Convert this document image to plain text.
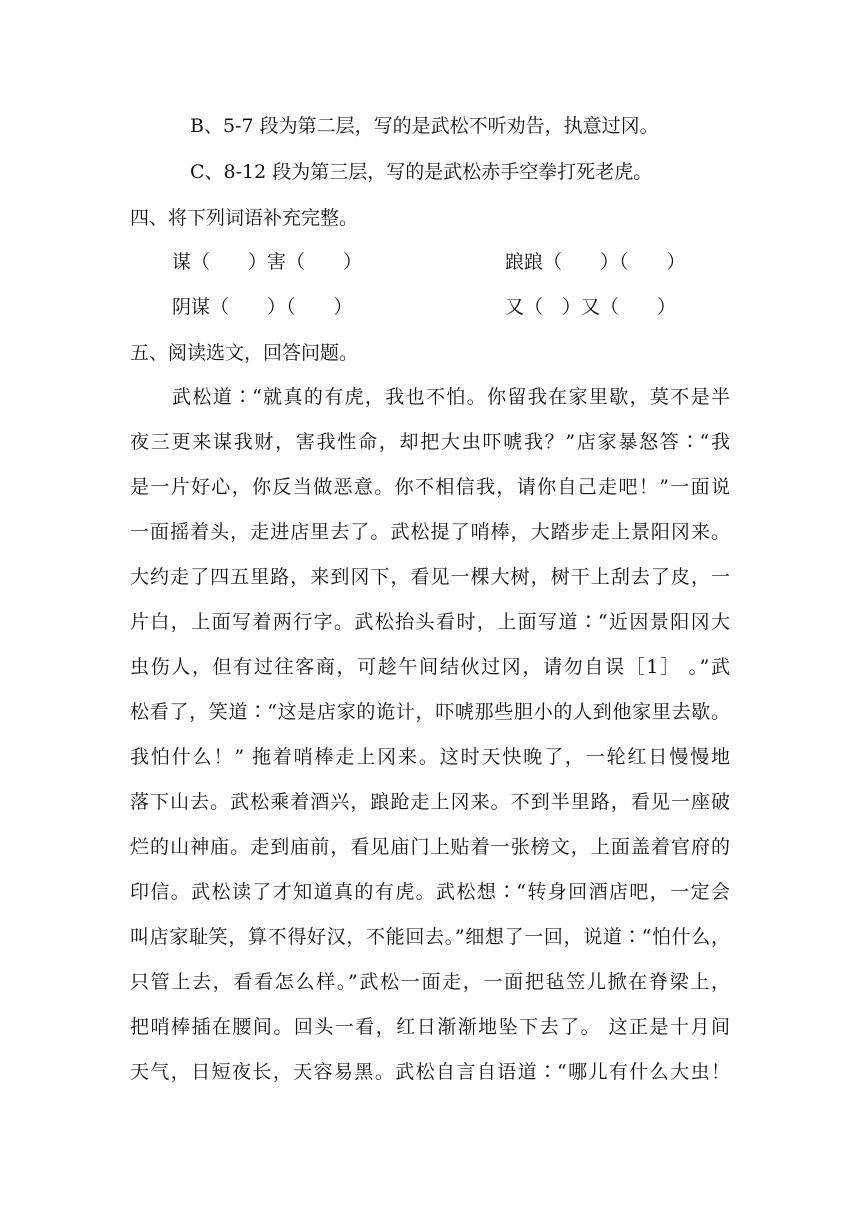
B、5-7 段为第二层，写的是武松不听劝告，执意过冈。
C、8-12 段为第三层，写的是武松赤手空拳打死老虎。
四、将下列词语补充完整。
谋（　　）害（　　）	踉踉（　　）（　　）
阴谋（　　）（　　）	又（　）又（　　）
五、阅读选文，回答问题。
武松道∶“就真的有虎，我也不怕。你留我在家里歇，莫不是半
夜三更来谋我财，害我性命，却把大虫吓唬我？”店家暴怒答∶“我
是一片好心，你反当做恶意。你不相信我，请你自己走吧！”一面说
一面摇着头，走进店里去了。武松提了哨棒，大踏步走上景阳冈来。
大约走了四五里路，来到冈下，看见一棵大树，树干上刮去了皮，一
片白，上面写着两行字。武松抬头看时，上面写道∶“近因景阳冈大
虫伤人，但有过往客商，可趁午间结伙过冈，请勿自误［1］ 。”武
松看了，笑道∶“这是店家的诡计，吓唬那些胆小的人到他家里去歇。
我怕什么！” 拖着哨棒走上冈来。这时天快晚了，一轮红日慢慢地
落下山去。武松乘着酒兴，踉跄走上冈来。不到半里路，看见一座破
烂的山神庙。走到庙前，看见庙门上贴着一张榜文，上面盖着官府的
印信。武松读了才知道真的有虎。武松想∶“转身回酒店吧，一定会
叫店家耻笑，算不得好汉，不能回去。”细想了一回，说道∶“怕什么，
只管上去，看看怎么样。”武松一面走，一面把毡笠儿掀在脊梁上，
把哨棒插在腰间。回头一看，红日渐渐地坠下去了。 这正是十月间
天气，日短夜长，天容易黑。武松自言自语道∶“哪儿有什么大虫！
